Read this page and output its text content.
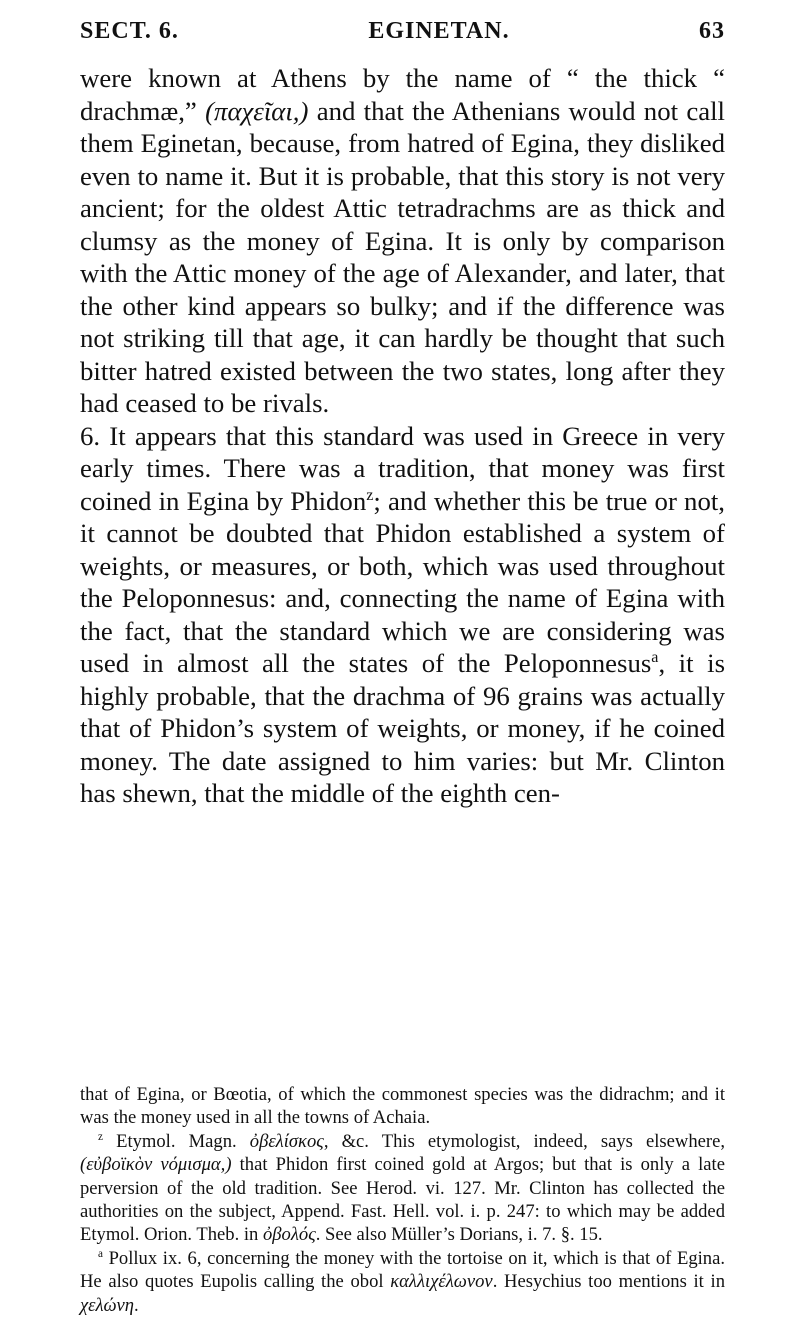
SECT. 6.	EGINETAN.	63

were known at Athens by the name of “ the thick “ drachmæ,” (παχεῖαι,) and that the Athenians would not call them Eginetan, because, from hatred of Egina, they disliked even to name it. But it is probable, that this story is not very ancient; for the oldest Attic tetradrachms are as thick and clumsy as the money of Egina. It is only by comparison with the Attic money of the age of Alexander, and later, that the other kind appears so bulky; and if the difference was not striking till that age, it can hardly be thought that such bitter hatred existed between the two states, long after they had ceased to be rivals.

6. It appears that this standard was used in Greece in very early times. There was a tradition, that money was first coined in Egina by Phidon$^z$; and whether this be true or not, it cannot be doubted that Phidon established a system of weights, or measures, or both, which was used throughout the Peloponnesus: and, connecting the name of Egina with the fact, that the standard which we are considering was used in almost all the states of the Peloponnesus$^a$, it is highly probable, that the drachma of 96 grains was actually that of Phidon’s system of weights, or money, if he coined money. The date assigned to him varies: but Mr. Clinton has shewn, that the middle of the eighth cen-

that of Egina, or Bœotia, of which the commonest species was the didrachm; and it was the money used in all the towns of Achaia.

$^z$ Etymol. Magn. ὀβελίσκος, &c. This etymologist, indeed, says elsewhere, (εὐβοϊκὸν νόμισμα,) that Phidon first coined gold at Argos; but that is only a late perversion of the old tradition. See Herod. vi. 127. Mr. Clinton has collected the authorities on the subject, Append. Fast. Hell. vol. i. p. 247: to which may be added Etymol. Orion. Theb. in ὀβολός. See also Müller’s Dorians, i. 7. §. 15.

$^a$ Pollux ix. 6, concerning the money with the tortoise on it, which is that of Egina. He also quotes Eupolis calling the obol καλλιχέλωνον. Hesychius too mentions it in χελώνη.
